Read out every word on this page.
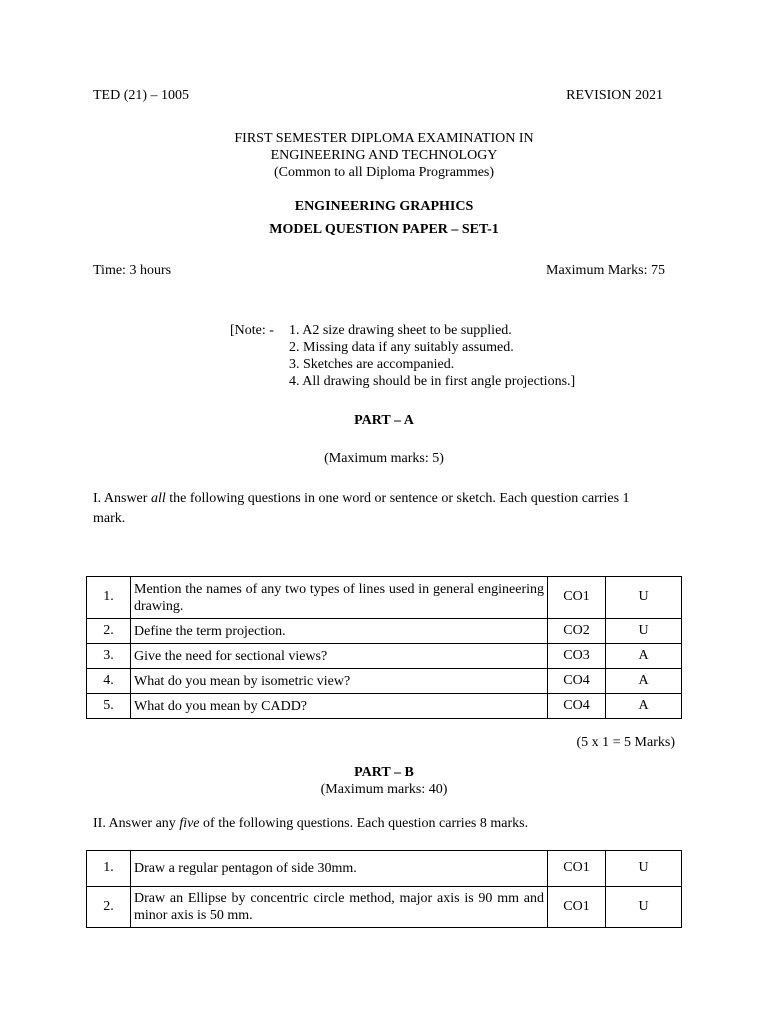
TED (21) – 1005	REVISION 2021
FIRST SEMESTER DIPLOMA EXAMINATION IN
ENGINEERING AND TECHNOLOGY
(Common to all Diploma Programmes)
ENGINEERING GRAPHICS
MODEL QUESTION PAPER – SET-1
Time: 3 hours	Maximum Marks: 75
[Note: -	1. A2 size drawing sheet to be supplied.
2. Missing data if any suitably assumed.
3. Sketches are accompanied.
4. All drawing should be in first angle projections.]
PART – A
(Maximum marks: 5)
I. Answer all the following questions in one word or sentence or sketch. Each question carries 1 mark.
1.	Mention the names of any two types of lines used in general engineering drawing.	CO1	U
2.	Define the term projection.	CO2	U
3.	Give the need for sectional views?	CO3	A
4.	What do you mean by isometric view?	CO4	A
5.	What do you mean by CADD?	CO4	A
(5 x 1 = 5 Marks)
PART – B
(Maximum marks: 40)
II. Answer any five of the following questions. Each question carries 8 marks.
1.	Draw a regular pentagon of side 30mm.	CO1	U
2.	Draw an Ellipse by concentric circle method, major axis is 90 mm and minor axis is 50 mm.	CO1	U
